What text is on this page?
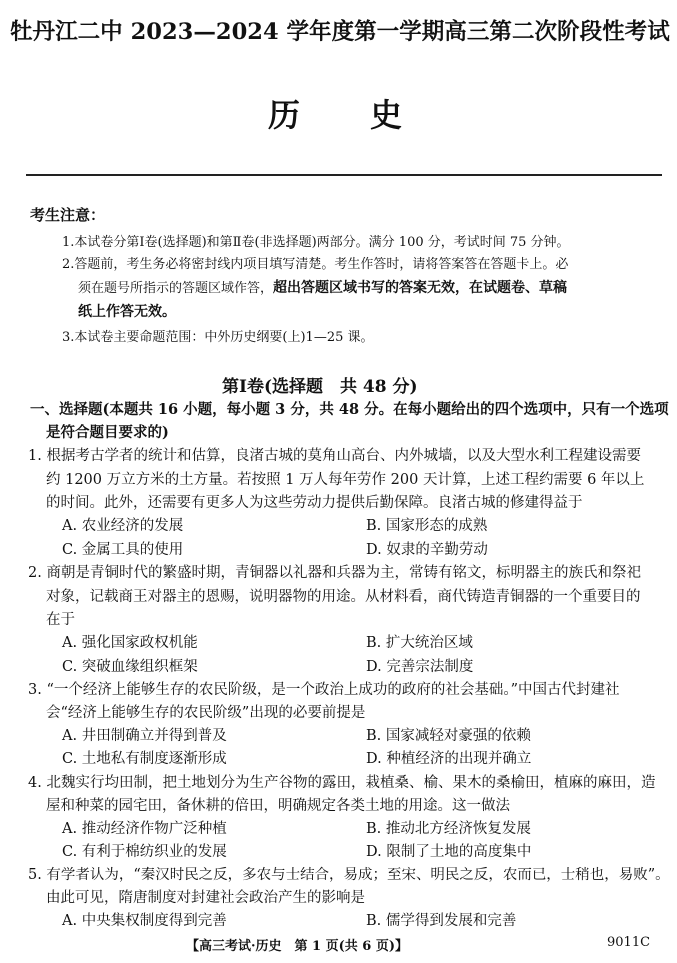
牡丹江二中 2023—2024 学年度第一学期高三第二次阶段性考试
历 史
考生注意：
1.本试卷分第Ⅰ卷(选择题)和第Ⅱ卷(非选择题)两部分。满分 100 分，考试时间 75 分钟。
2.答题前，考生务必将密封线内项目填写清楚。考生作答时，请将答案答在答题卡上。必
须在题号所指示的答题区域作答，超出答题区域书写的答案无效，在试题卷、草稿
纸上作答无效。
3.本试卷主要命题范围：中外历史纲要(上)1—25 课。
第Ⅰ卷(选择题　共 48 分)
一、选择题(本题共 16 小题，每小题 3 分，共 48 分。在每小题给出的四个选项中，只有一个选项
是符合题目要求的)
1. 根据考古学者的统计和估算，良渚古城的莫角山高台、内外城墙，以及大型水利工程建设需要
约 1200 万立方米的土方量。若按照 1 万人每年劳作 200 天计算，上述工程约需要 6 年以上
的时间。此外，还需要有更多人为这些劳动力提供后勤保障。良渚古城的修建得益于
A. 农业经济的发展	B. 国家形态的成熟
C. 金属工具的使用	D. 奴隶的辛勤劳动
2. 商朝是青铜时代的繁盛时期，青铜器以礼器和兵器为主，常铸有铭文，标明器主的族氏和祭祀
对象，记载商王对器主的恩赐，说明器物的用途。从材料看，商代铸造青铜器的一个重要目的
在于
A. 强化国家政权机能	B. 扩大统治区域
C. 突破血缘组织框架	D. 完善宗法制度
3. “一个经济上能够生存的农民阶级，是一个政治上成功的政府的社会基础。”中国古代封建社
会“经济上能够生存的农民阶级”出现的必要前提是
A. 井田制确立并得到普及	B. 国家减轻对豪强的依赖
C. 土地私有制度逐渐形成	D. 种植经济的出现并确立
4. 北魏实行均田制，把土地划分为生产谷物的露田，栽植桑、榆、果木的桑榆田，植麻的麻田，造
屋和种菜的园宅田，备休耕的倍田，明确规定各类土地的用途。这一做法
A. 推动经济作物广泛种植	B. 推动北方经济恢复发展
C. 有利于棉纺织业的发展	D. 限制了土地的高度集中
5. 有学者认为，“秦汉时民之反，多农与士结合，易成；至宋、明民之反，农而已，士稍也，易败”。
由此可见，隋唐制度对封建社会政治产生的影响是
A. 中央集权制度得到完善	B. 儒学得到发展和完善
【高三考试·历史　第 1 页(共 6 页)】	9011C
